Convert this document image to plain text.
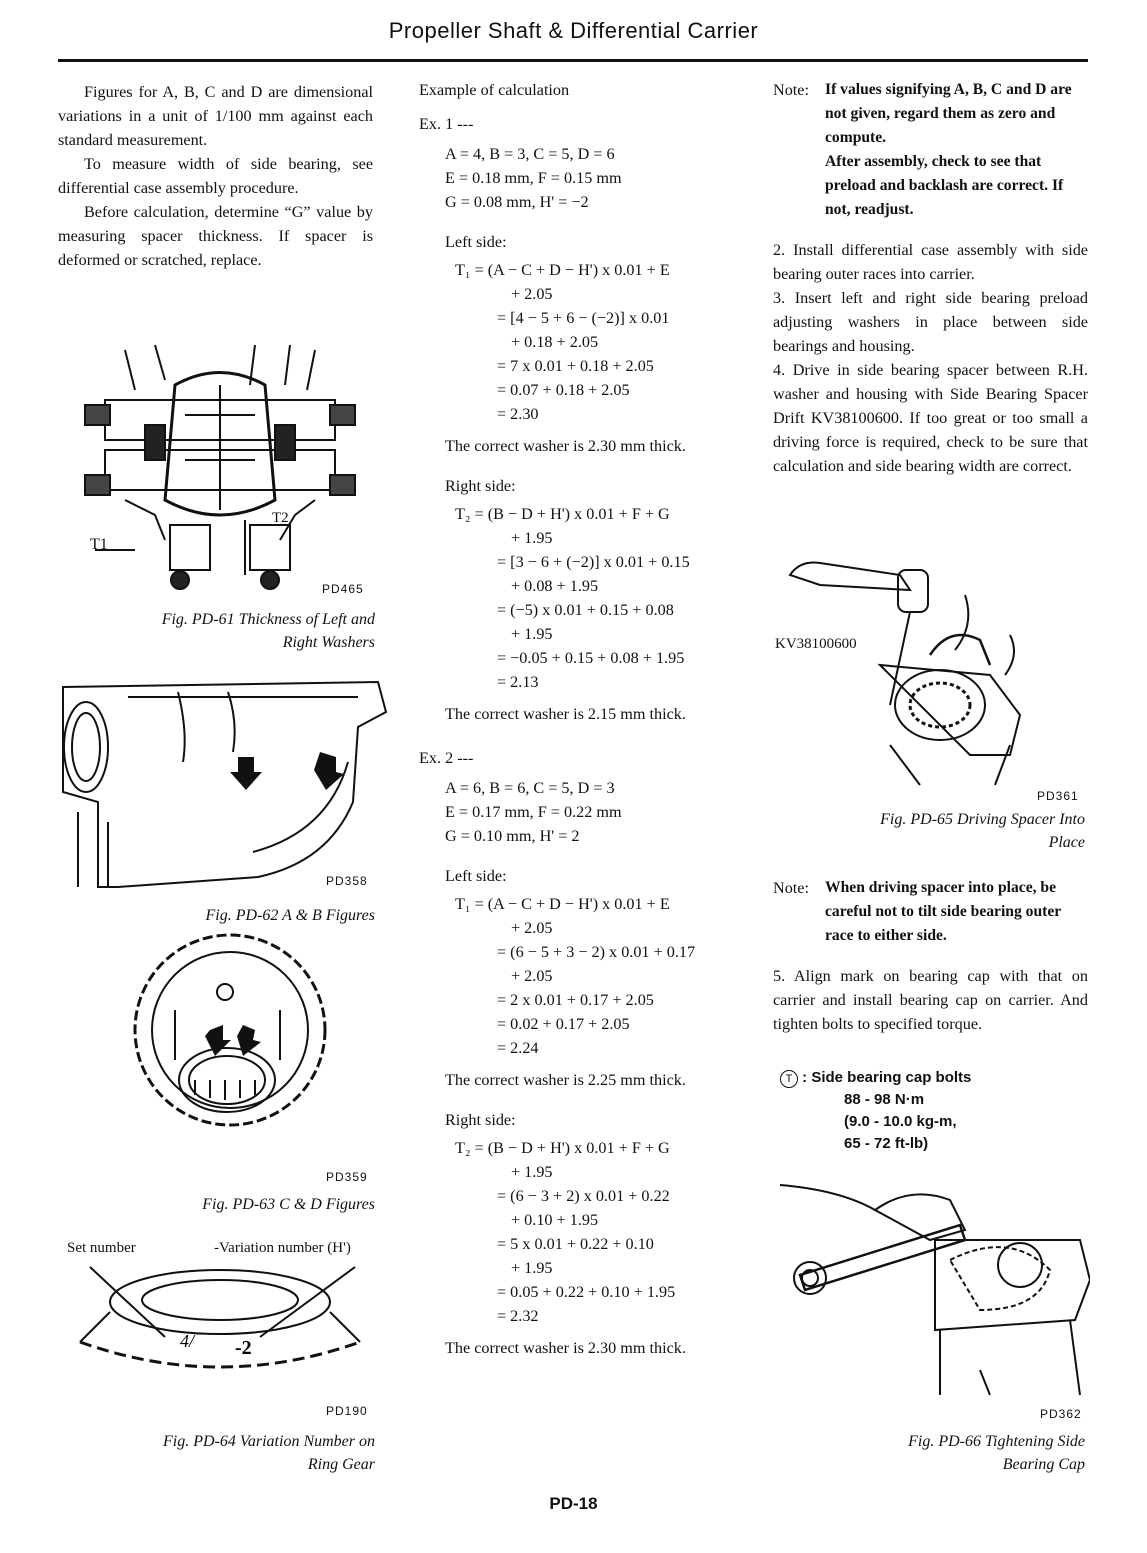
Propeller Shaft & Differential Carrier

Figures for A, B, C and D are dimensional variations in a unit of 1/100 mm against each standard measurement.

To measure width of side bearing, see differential case assembly procedure.

Before calculation, determine “G” value by measuring spacer thickness. If spacer is deformed or scratched, replace.

T1
T2
PD465
Fig. PD-61 Thickness of Left and
Right Washers
PD358
Fig. PD-62 A & B Figures
PD359
Fig. PD-63 C & D Figures
Set number	-Variation number (H')
4/ -2
PD190
Fig. PD-64 Variation Number on
Ring Gear

Example of calculation

Ex. 1 ---

A = 4, B = 3, C = 5, D = 6

E = 0.18 mm, F = 0.15 mm

G = 0.08 mm, H' = −2

Left side:

T₁ = (A − C + D − H') x 0.01 + E

+ 2.05

= [4 − 5 + 6 − (−2)] x 0.01

+ 0.18 + 2.05

= 7 x 0.01 + 0.18 + 2.05

= 0.07 + 0.18 + 2.05

= 2.30

The correct washer is 2.30 mm thick.

Right side:

T₂ = (B − D + H') x 0.01 + F + G

+ 1.95

= [3 − 6 + (−2)] x 0.01 + 0.15

+ 0.08 + 1.95

= (−5) x 0.01 + 0.15 + 0.08

+ 1.95

= −0.05 + 0.15 + 0.08 + 1.95

= 2.13

The correct washer is 2.15 mm thick.

Ex. 2 ---

A = 6, B = 6, C = 5, D = 3

E = 0.17 mm, F = 0.22 mm

G = 0.10 mm, H' = 2

Left side:

T₁ = (A − C + D − H') x 0.01 + E

+ 2.05

= (6 − 5 + 3 − 2) x 0.01 + 0.17

+ 2.05

= 2 x 0.01 + 0.17 + 2.05

= 0.02 + 0.17 + 2.05

= 2.24

The correct washer is 2.25 mm thick.

Right side:

T₂ = (B − D + H') x 0.01 + F + G

+ 1.95

= (6 − 3 + 2) x 0.01 + 0.22

+ 0.10 + 1.95

= 5 x 0.01 + 0.22 + 0.10

+ 1.95

= 0.05 + 0.22 + 0.10 + 1.95

= 2.32

The correct washer is 2.30 mm thick.

Note:	If values signifying A, B, C and D are not given, regard them as zero and compute.

After assembly, check to see that preload and backlash are correct. If not, readjust.

2. Install differential case assembly with side bearing outer races into carrier.

3. Insert left and right side bearing preload adjusting washers in place between side bearings and housing.

4. Drive in side bearing spacer between R.H. washer and housing with Side Bearing Spacer Drift KV38100600. If too great or too small a driving force is required, check to be sure that calculation and side bearing width are correct.

KV38100600
PD361
Fig. PD-65 Driving Spacer Into
Place
Note:	When driving spacer into place, be careful not to tilt side bearing outer race to either side.

5. Align mark on bearing cap with that on carrier and install bearing cap on carrier. And tighten bolts to specified torque.

T : Side bearing cap bolts
88 - 98 N·m
(9.0 - 10.0 kg-m,
65 - 72 ft-lb)
PD362
Fig. PD-66 Tightening Side
Bearing Cap
PD-18
